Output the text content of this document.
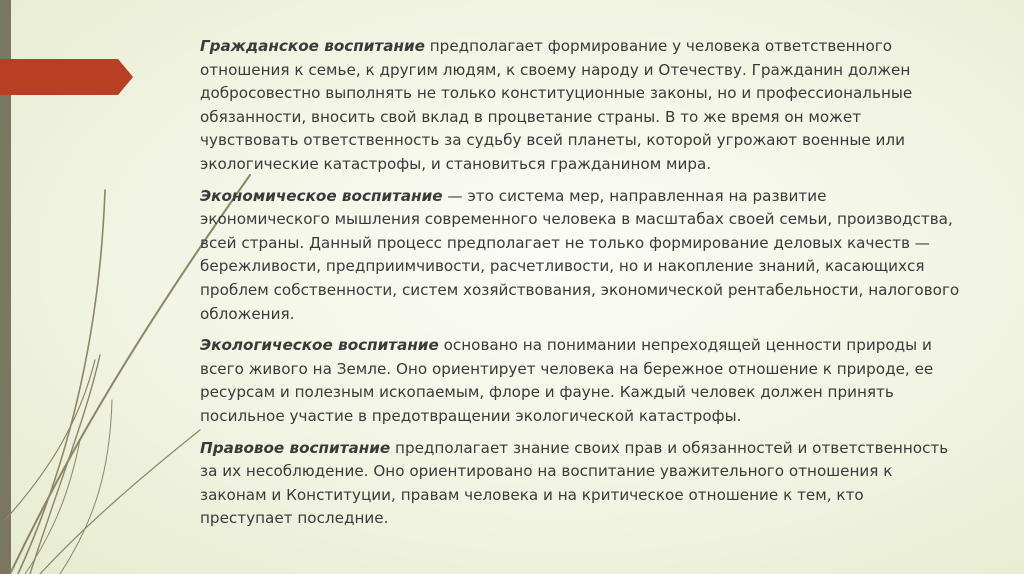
Гражданское воспитание предполагает формирование у человека ответственного отношения к семье, к другим людям, к своему народу и Отечеству. Гражданин должен добросовестно выполнять не только конституционные законы, но и профессиональные обязанности, вносить свой вклад в процветание страны. В то же время он может чувствовать ответственность за судьбу всей планеты, которой угрожают военные или экологические катастрофы, и становиться гражданином мира.

Экономическое воспитание — это система мер, направленная на развитие экономического мышления современного человека в масштабах своей семьи, производства, всей страны. Данный процесс предполагает не только формирование деловых качеств — бережливости, предприимчивости, расчетливости, но и накопление знаний, касающихся проблем собственности, систем хозяйствования, экономической рентабельности, налогового обложения.

Экологическое воспитание основано на понимании непреходящей ценности природы и всего живого на Земле. Оно ориентирует человека на бережное отношение к природе, ее ресурсам и полезным ископаемым, флоре и фауне. Каждый человек должен принять посильное участие в предотвращении экологической катастрофы.

Правовое воспитание предполагает знание своих прав и обязанностей и ответственность за их несоблюдение. Оно ориентировано на воспитание уважительного отношения к законам и Конституции, правам человека и на критическое отношение к тем, кто преступает последние.
